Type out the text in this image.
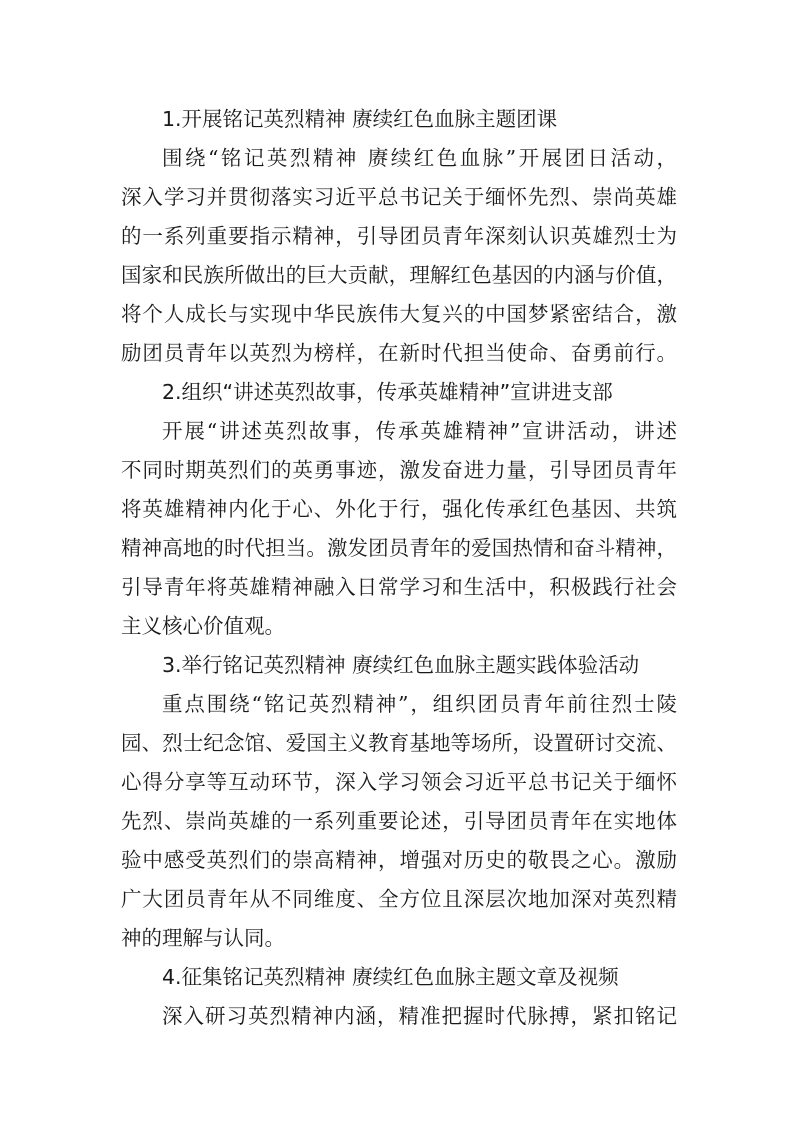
1.开展铭记英烈精神 赓续红色血脉主题团课
围绕“铭记英烈精神 赓续红色血脉”开展团日活动，
深入学习并贯彻落实习近平总书记关于缅怀先烈、崇尚英雄
的一系列重要指示精神，引导团员青年深刻认识英雄烈士为
国家和民族所做出的巨大贡献，理解红色基因的内涵与价值，
将个人成长与实现中华民族伟大复兴的中国梦紧密结合，激
励团员青年以英烈为榜样，在新时代担当使命、奋勇前行。
2.组织“讲述英烈故事，传承英雄精神”宣讲进支部
开展“讲述英烈故事，传承英雄精神”宣讲活动，讲述
不同时期英烈们的英勇事迹，激发奋进力量，引导团员青年
将英雄精神内化于心、外化于行，强化传承红色基因、共筑
精神高地的时代担当。激发团员青年的爱国热情和奋斗精神，
引导青年将英雄精神融入日常学习和生活中，积极践行社会
主义核心价值观。
3.举行铭记英烈精神 赓续红色血脉主题实践体验活动
重点围绕“铭记英烈精神”，组织团员青年前往烈士陵
园、烈士纪念馆、爱国主义教育基地等场所，设置研讨交流、
心得分享等互动环节，深入学习领会习近平总书记关于缅怀
先烈、崇尚英雄的一系列重要论述，引导团员青年在实地体
验中感受英烈们的崇高精神，增强对历史的敬畏之心。激励
广大团员青年从不同维度、全方位且深层次地加深对英烈精
神的理解与认同。
4.征集铭记英烈精神 赓续红色血脉主题文章及视频
深入研习英烈精神内涵，精准把握时代脉搏，紧扣铭记
